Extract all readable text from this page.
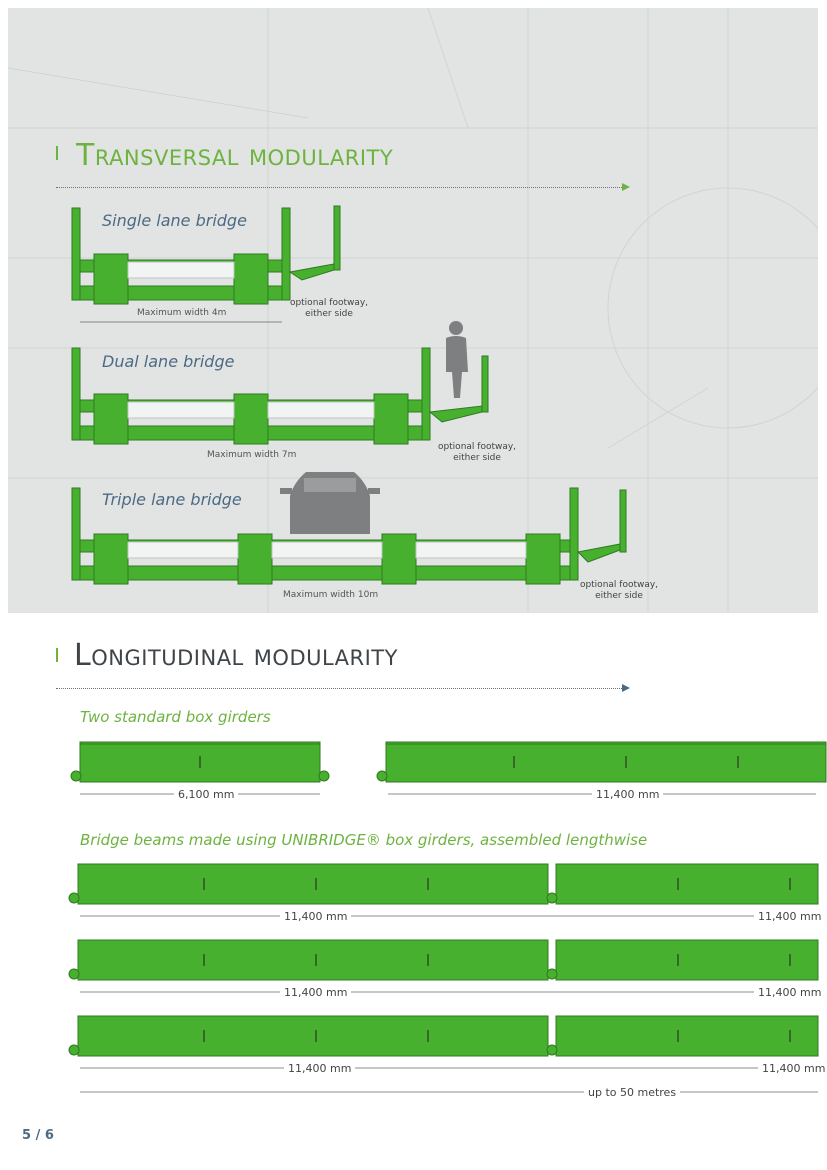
Transversal modularity
Single lane bridge
Maximum width 4m
optional footway, either side
Dual lane bridge
Maximum width 7m
optional footway, either side
Triple lane bridge
Maximum width 10m
optional footway, either side
Longitudinal modularity
Two standard box girders
6,100 mm	11,400 mm
Bridge beams made using UNIBRIDGE® box girders, assembled lengthwise
11,400 mm	11,400 mm
11,400 mm	11,400 mm
11,400 mm	11,400 mm
up to 50 metres
5 / 6
